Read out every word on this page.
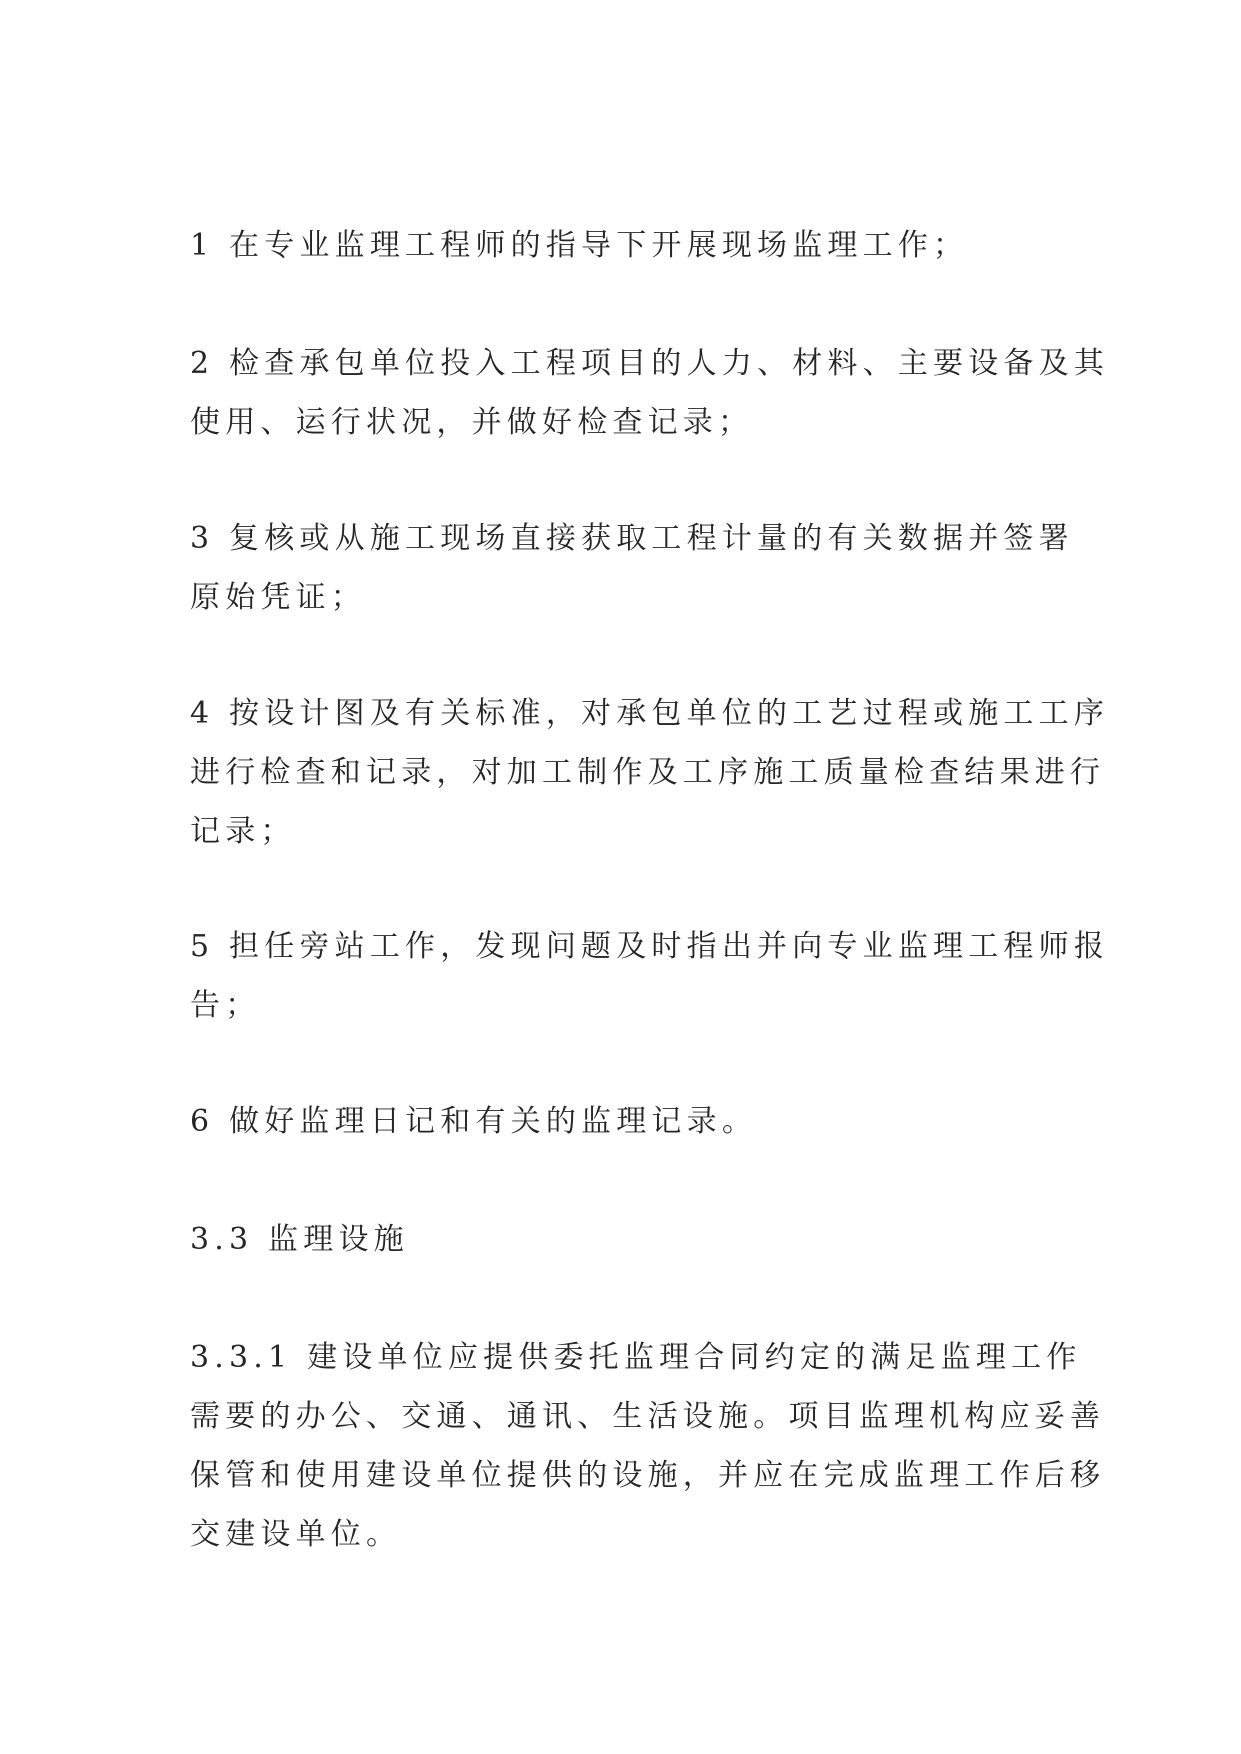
1 在专业监理工程师的指导下开展现场监理工作；

2 检查承包单位投入工程项目的人力、材料、主要设备及其
使用、运行状况，并做好检查记录；

3 复核或从施工现场直接获取工程计量的有关数据并签署
原始凭证；

4 按设计图及有关标准，对承包单位的工艺过程或施工工序
进行检查和记录，对加工制作及工序施工质量检查结果进行
记录；

5 担任旁站工作，发现问题及时指出并向专业监理工程师报
告；

6 做好监理日记和有关的监理记录。

3.3 监理设施

3.3.1 建设单位应提供委托监理合同约定的满足监理工作
需要的办公、交通、通讯、生活设施。项目监理机构应妥善
保管和使用建设单位提供的设施，并应在完成监理工作后移
交建设单位。
